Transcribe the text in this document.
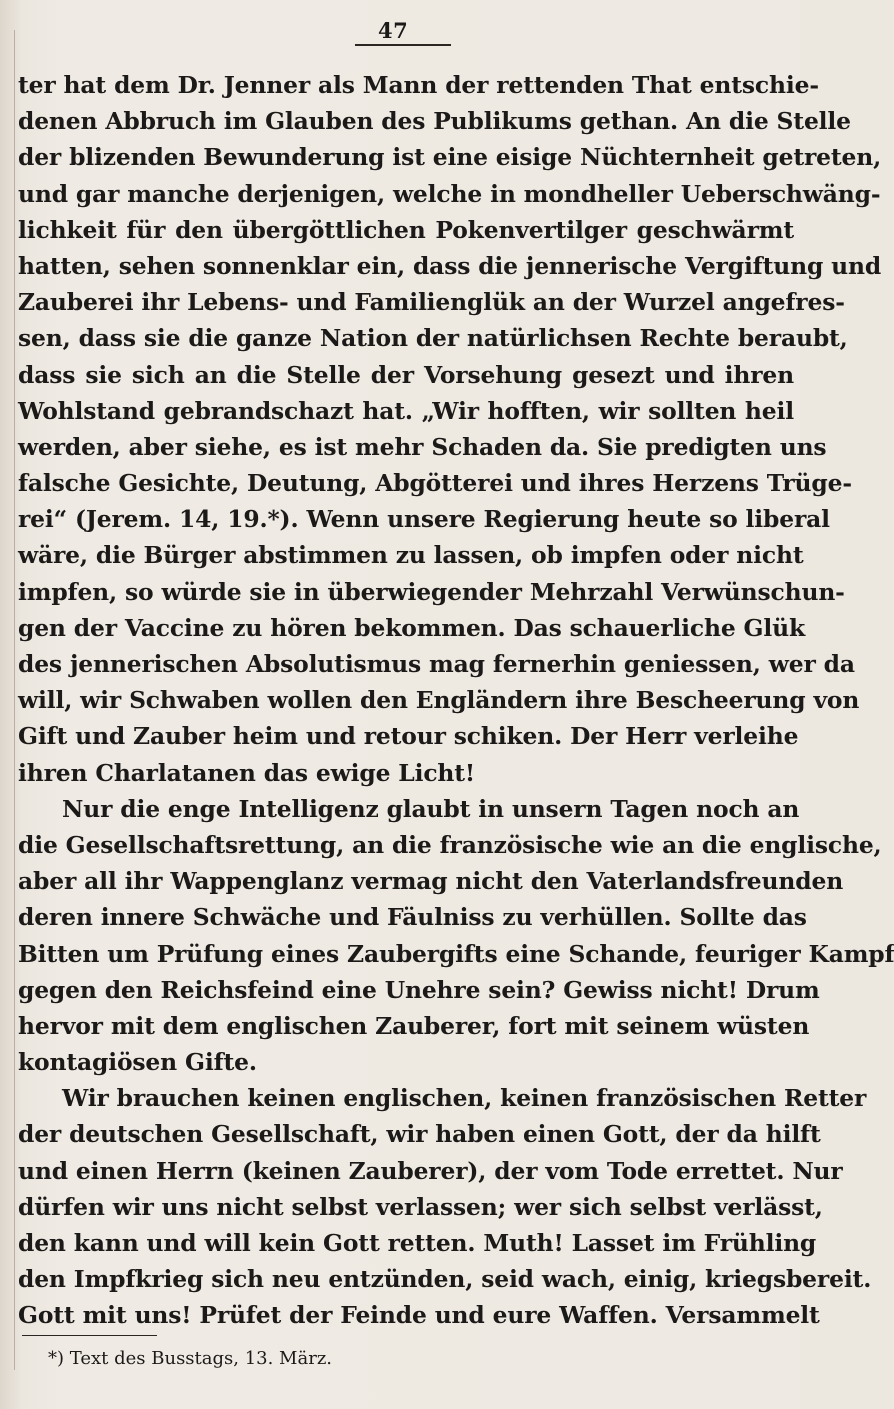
47
ter hat dem Dr. Jenner als Mann der rettenden That entschie-
denen Abbruch im Glauben des Publikums gethan. An die Stelle
der blizenden Bewunderung ist eine eisige Nüchternheit getreten,
und gar manche derjenigen, welche in mondheller Ueberschwäng-
lichkeit für den übergöttlichen Pokenvertilger geschwärmt
hatten, sehen sonnenklar ein, dass die jennerische Vergiftung und
Zauberei ihr Lebens- und Familienglük an der Wurzel angefres-
sen, dass sie die ganze Nation der natürlichsen Rechte beraubt,
dass sie sich an die Stelle der Vorsehung gesezt und ihren
Wohlstand gebrandschazt hat. „Wir hofften, wir sollten heil
werden, aber siehe, es ist mehr Schaden da. Sie predigten uns
falsche Gesichte, Deutung, Abgötterei und ihres Herzens Trüge-
rei“ (Jerem. 14, 19.*). Wenn unsere Regierung heute so liberal
wäre, die Bürger abstimmen zu lassen, ob impfen oder nicht
impfen, so würde sie in überwiegender Mehrzahl Verwünschun-
gen der Vaccine zu hören bekommen. Das schauerliche Glük
des jennerischen Absolutismus mag fernerhin geniessen, wer da
will, wir Schwaben wollen den Engländern ihre Bescheerung von
Gift und Zauber heim und retour schiken. Der Herr verleihe
ihren Charlatanen das ewige Licht!
Nur die enge Intelligenz glaubt in unsern Tagen noch an
die Gesellschaftsrettung, an die französische wie an die englische,
aber all ihr Wappenglanz vermag nicht den Vaterlandsfreunden
deren innere Schwäche und Fäulniss zu verhüllen. Sollte das
Bitten um Prüfung eines Zaubergifts eine Schande, feuriger Kampf
gegen den Reichsfeind eine Unehre sein? Gewiss nicht! Drum
hervor mit dem englischen Zauberer, fort mit seinem wüsten
kontagiösen Gifte.
Wir brauchen keinen englischen, keinen französischen Retter
der deutschen Gesellschaft, wir haben einen Gott, der da hilft
und einen Herrn (keinen Zauberer), der vom Tode errettet. Nur
dürfen wir uns nicht selbst verlassen; wer sich selbst verlässt,
den kann und will kein Gott retten. Muth! Lasset im Frühling
den Impfkrieg sich neu entzünden, seid wach, einig, kriegsbereit.
Gott mit uns! Prüfet der Feinde und eure Waffen. Versammelt
*) Text des Busstags, 13. März.
